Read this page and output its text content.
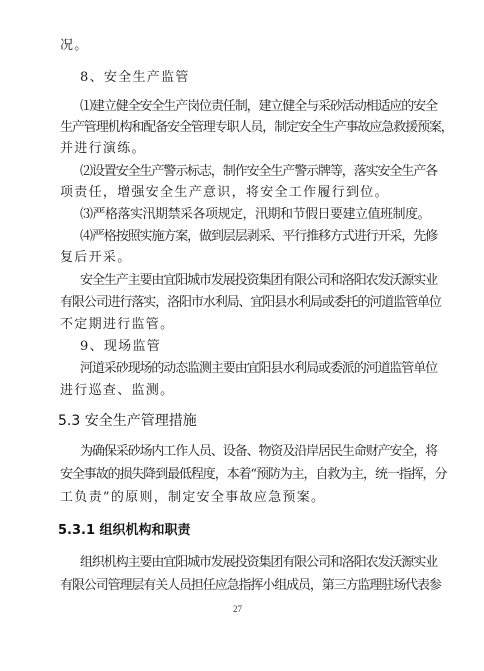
况。
8、安全生产监管
⑴建立健全安全生产岗位责任制，建立健全与采砂活动相适应的安全
生产管理机构和配备安全管理专职人员，制定安全生产事故应急救援预案，
并进行演练。
⑵设置安全生产警示标志，制作安全生产警示牌等，落实安全生产各
项责任，增强安全生产意识，将安全工作履行到位。
⑶严格落实汛期禁采各项规定，汛期和节假日要建立值班制度。
⑷严格按照实施方案，做到层层剥采、平行推移方式进行开采，先修
复后开采。
安全生产主要由宜阳城市发展投资集团有限公司和洛阳农发沃源实业
有限公司进行落实，洛阳市水利局、宜阳县水利局或委托的河道监管单位
不定期进行监管。
9、现场监管
河道采砂现场的动态监测主要由宜阳县水利局或委派的河道监管单位
进行巡查、监测。
5.3 安全生产管理措施
为确保采砂场内工作人员、设备、物资及沿岸居民生命财产安全，将
安全事故的损失降到最低程度，本着“预防为主，自救为主，统一指挥，分
工负责”的原则，制定安全事故应急预案。
5.3.1 组织机构和职责
组织机构主要由宜阳城市发展投资集团有限公司和洛阳农发沃源实业
有限公司管理层有关人员担任应急指挥小组成员，第三方监理驻场代表参
27
